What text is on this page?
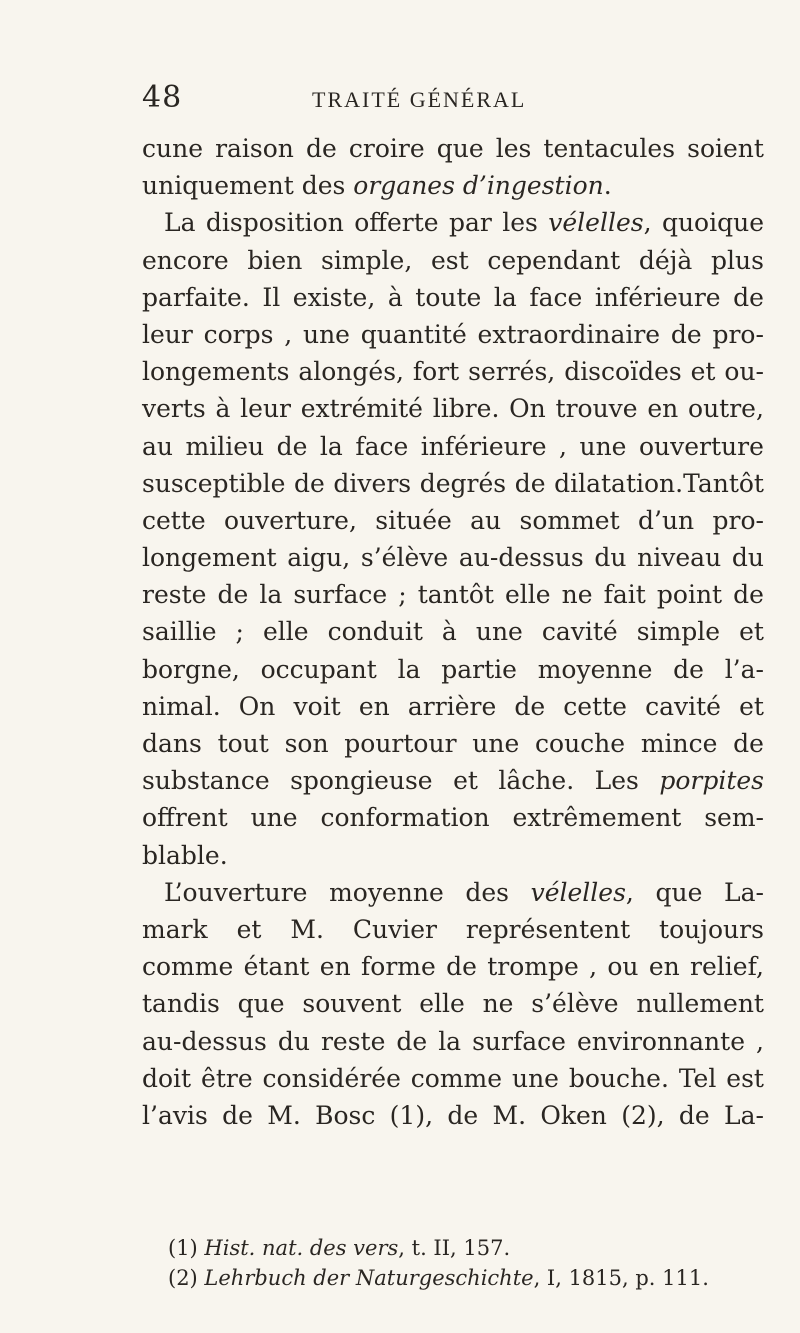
48	TRAITÉ GÉNÉRAL
cune raison de croire que les tentacules soient
uniquement des organes d’ingestion .
La disposition offerte par les vélelles, quoique
encore bien simple, est cependant déjà plus
parfaite. Il existe, à toute la face inférieure de
leur corps , une quantité extraordinaire de pro-
longements alongés, fort serrés, discoïdes et ou-
verts à leur extrémité libre. On trouve en outre,
au milieu de la face inférieure , une ouverture
susceptible de divers degrés de dilatation.Tantôt
cette ouverture, située au sommet d’un pro-
longement aigu, s’élève au-dessus du niveau du
reste de la surface ; tantôt elle ne fait point de
saillie ; elle conduit à une cavité simple et
borgne, occupant la partie moyenne de l’a-
nimal. On voit en arrière de cette cavité et
dans tout son pourtour une couche mince de
substance spongieuse et lâche. Les porpites
offrent une conformation extrêmement sem-
blable.
L’ouverture moyenne des vélelles, que La-
mark et M. Cuvier représentent toujours
comme étant en forme de trompe , ou en relief,
tandis que souvent elle ne s’élève nullement
au-dessus du reste de la surface environnante ,
doit être considérée comme une bouche. Tel est
l’avis de M. Bosc (1), de M. Oken (2), de La-
(1) Hist. nat. des vers, t. II, 157.
(2) Lehrbuch der Naturgeschichte, I, 1815, p. 111.
